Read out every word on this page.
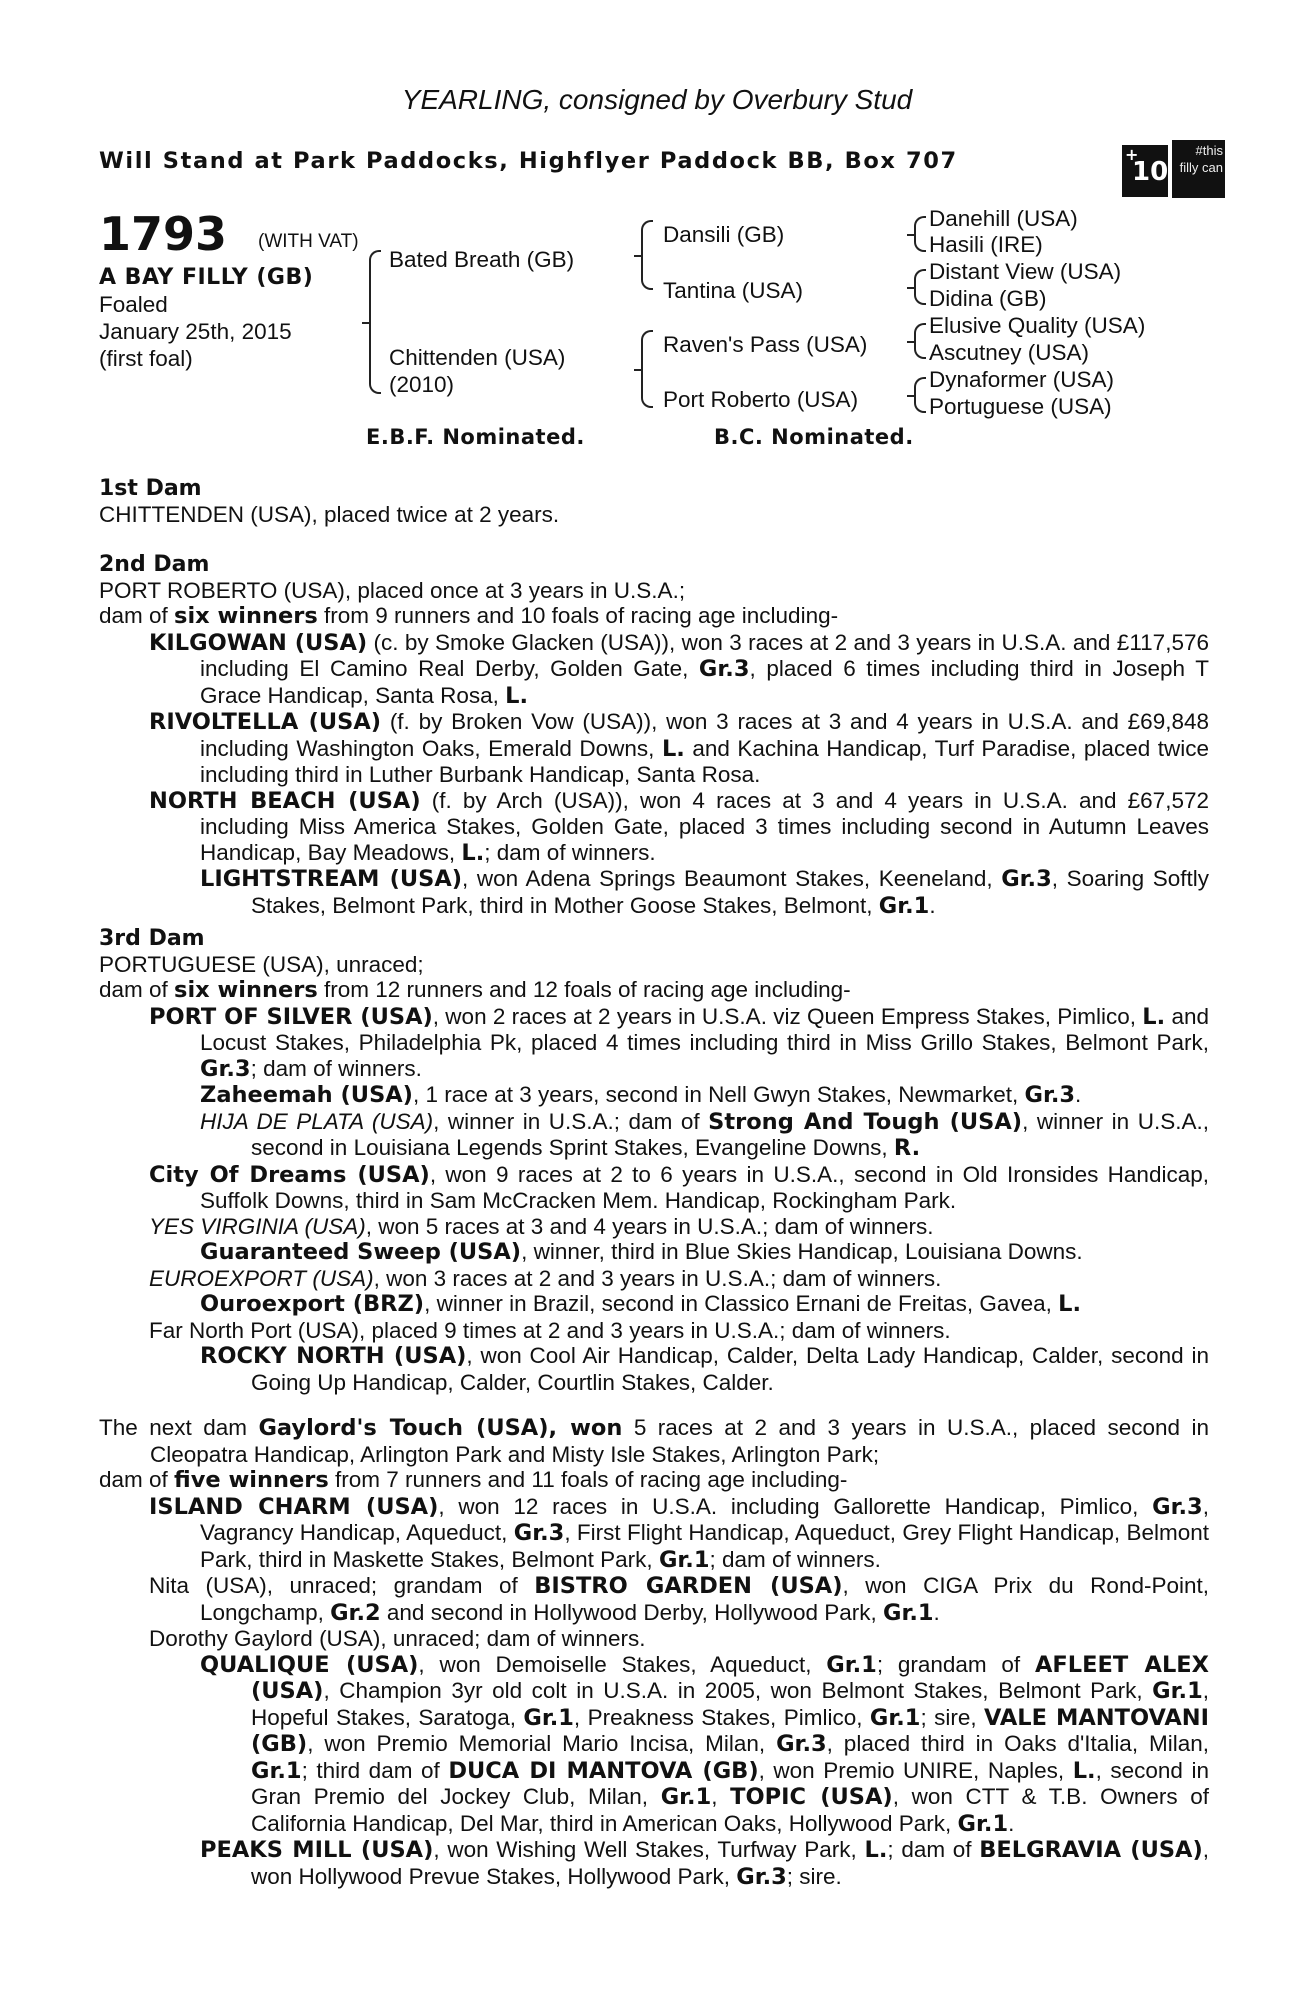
YEARLING, consigned by Overbury Stud
Will Stand at Park Paddocks, Highflyer Paddock BB, Box 707	+
10
#this filly can
1793 (WITH VAT)
A BAY FILLY (GB)
Foaled
January 25th, 2015
(first foal)
Bated Breath (GB)
Chittenden (USA)
(2010)
Dansili (GB)
Tantina (USA)
Raven's Pass (USA)
Port Roberto (USA)
Danehill (USA)
Hasili (IRE)
Distant View (USA)
Didina (GB)
Elusive Quality (USA)
Ascutney (USA)
Dynaformer (USA)
Portuguese (USA)
E.B.F. Nominated.	B.C. Nominated.

1st Dam

CHITTENDEN (USA), placed twice at 2 years.

2nd Dam

PORT ROBERTO (USA), placed once at 3 years in U.S.A.;

dam of six winners from 9 runners and 10 foals of racing age including-

KILGOWAN (USA) (c. by Smoke Glacken (USA)), won 3 races at 2 and 3 years in U.S.A. and £117,576 including El Camino Real Derby, Golden Gate, Gr.3, placed 6 times including third in Joseph T Grace Handicap, Santa Rosa, L.

RIVOLTELLA (USA) (f. by Broken Vow (USA)), won 3 races at 3 and 4 years in U.S.A. and £69,848 including Washington Oaks, Emerald Downs, L. and Kachina Handicap, Turf Paradise, placed twice including third in Luther Burbank Handicap, Santa Rosa.

NORTH BEACH (USA) (f. by Arch (USA)), won 4 races at 3 and 4 years in U.S.A. and £67,572 including Miss America Stakes, Golden Gate, placed 3 times including second in Autumn Leaves Handicap, Bay Meadows, L.; dam of winners.

LIGHTSTREAM (USA), won Adena Springs Beaumont Stakes, Keeneland, Gr.3, Soaring Softly Stakes, Belmont Park, third in Mother Goose Stakes, Belmont, Gr.1.

3rd Dam

PORTUGUESE (USA), unraced;

dam of six winners from 12 runners and 12 foals of racing age including-

PORT OF SILVER (USA), won 2 races at 2 years in U.S.A. viz Queen Empress Stakes, Pimlico, L. and Locust Stakes, Philadelphia Pk, placed 4 times including third in Miss Grillo Stakes, Belmont Park, Gr.3; dam of winners.

Zaheemah (USA), 1 race at 3 years, second in Nell Gwyn Stakes, Newmarket, Gr.3.

HIJA DE PLATA (USA), winner in U.S.A.; dam of Strong And Tough (USA), winner in U.S.A., second in Louisiana Legends Sprint Stakes, Evangeline Downs, R.

City Of Dreams (USA), won 9 races at 2 to 6 years in U.S.A., second in Old Ironsides Handicap, Suffolk Downs, third in Sam McCracken Mem. Handicap, Rockingham Park.

YES VIRGINIA (USA), won 5 races at 3 and 4 years in U.S.A.; dam of winners.

Guaranteed Sweep (USA), winner, third in Blue Skies Handicap, Louisiana Downs.

EUROEXPORT (USA), won 3 races at 2 and 3 years in U.S.A.; dam of winners.

Ouroexport (BRZ), winner in Brazil, second in Classico Ernani de Freitas, Gavea, L.

Far North Port (USA), placed 9 times at 2 and 3 years in U.S.A.; dam of winners.

ROCKY NORTH (USA), won Cool Air Handicap, Calder, Delta Lady Handicap, Calder, second in Going Up Handicap, Calder, Courtlin Stakes, Calder.

The next dam Gaylord's Touch (USA), won 5 races at 2 and 3 years in U.S.A., placed second in Cleopatra Handicap, Arlington Park and Misty Isle Stakes, Arlington Park;

dam of five winners from 7 runners and 11 foals of racing age including-

ISLAND CHARM (USA), won 12 races in U.S.A. including Gallorette Handicap, Pimlico, Gr.3, Vagrancy Handicap, Aqueduct, Gr.3, First Flight Handicap, Aqueduct, Grey Flight Handicap, Belmont Park, third in Maskette Stakes, Belmont Park, Gr.1; dam of winners.

Nita (USA), unraced; grandam of BISTRO GARDEN (USA), won CIGA Prix du Rond-Point, Longchamp, Gr.2 and second in Hollywood Derby, Hollywood Park, Gr.1.

Dorothy Gaylord (USA), unraced; dam of winners.

QUALIQUE (USA), won Demoiselle Stakes, Aqueduct, Gr.1; grandam of AFLEET ALEX (USA), Champion 3yr old colt in U.S.A. in 2005, won Belmont Stakes, Belmont Park, Gr.1, Hopeful Stakes, Saratoga, Gr.1, Preakness Stakes, Pimlico, Gr.1; sire, VALE MANTOVANI (GB), won Premio Memorial Mario Incisa, Milan, Gr.3, placed third in Oaks d'Italia, Milan, Gr.1; third dam of DUCA DI MANTOVA (GB), won Premio UNIRE, Naples, L., second in Gran Premio del Jockey Club, Milan, Gr.1, TOPIC (USA), won CTT & T.B. Owners of California Handicap, Del Mar, third in American Oaks, Hollywood Park, Gr.1.

PEAKS MILL (USA), won Wishing Well Stakes, Turfway Park, L.; dam of BELGRAVIA (USA), won Hollywood Prevue Stakes, Hollywood Park, Gr.3; sire.
